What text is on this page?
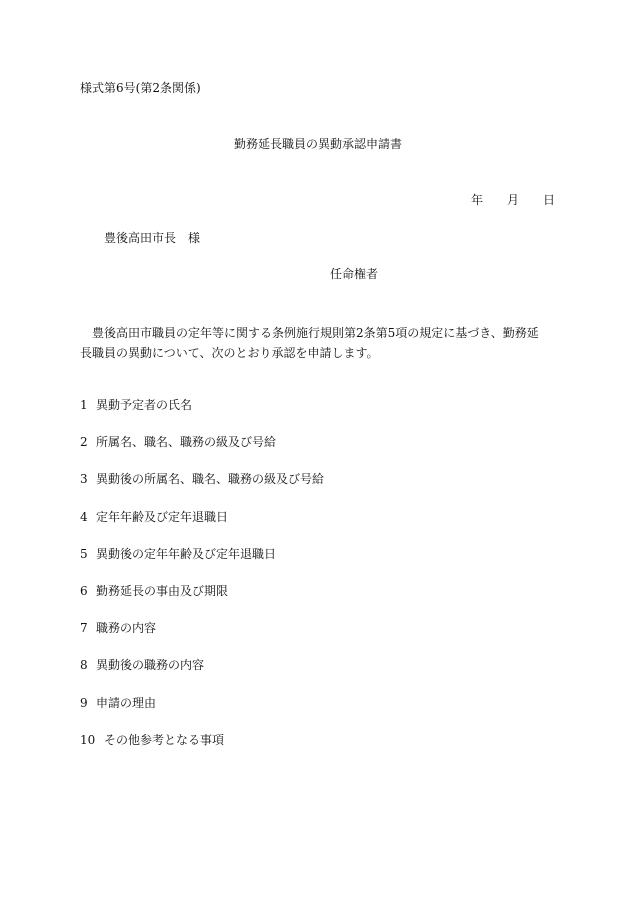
様式第6号(第2条関係)
勤務延長職員の異動承認申請書
年 月 日
豊後高田市長 様
任命権者
豊後高田市職員の定年等に関する条例施行規則第2条第5項の規定に基づき、勤務延長職員の異動について、次のとおり承認を申請します。
1 異動予定者の氏名
2 所属名、職名、職務の級及び号給
3 異動後の所属名、職名、職務の級及び号給
4 定年年齢及び定年退職日
5 異動後の定年年齢及び定年退職日
6 勤務延長の事由及び期限
7 職務の内容
8 異動後の職務の内容
9 申請の理由
10 その他参考となる事項
